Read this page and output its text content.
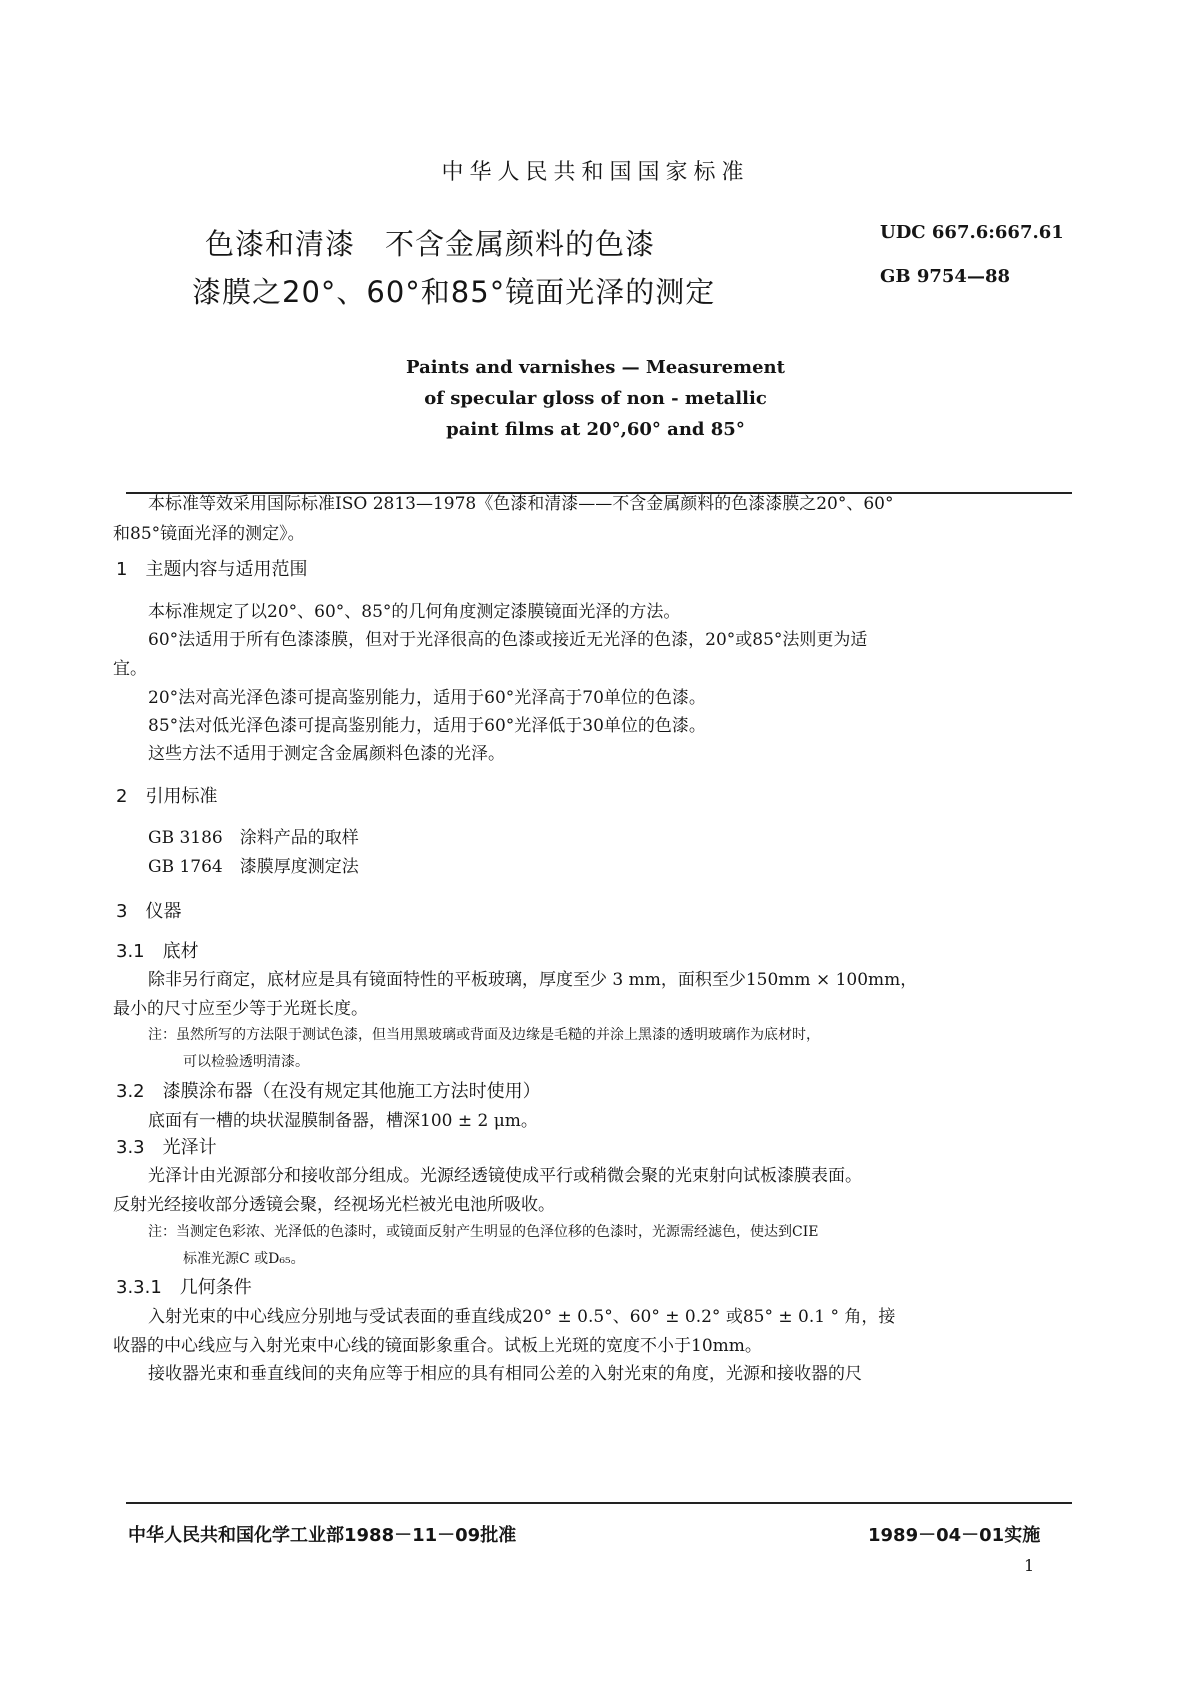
中华人民共和国国家标准
色漆和清漆　不含金属颜料的色漆
漆膜之20°、60°和85°镜面光泽的测定
UDC 667.6:667.61
GB 9754—88
Paints and varnishes — Measurement
of specular gloss of non - metallic
paint films at 20°,60° and 85°
本标准等效采用国际标准ISO 2813—1978《色漆和清漆——不含金属颜料的色漆漆膜之20°、60°
和85°镜面光泽的测定》。
1　主题内容与适用范围
本标准规定了以20°、60°、85°的几何角度测定漆膜镜面光泽的方法。
60°法适用于所有色漆漆膜，但对于光泽很高的色漆或接近无光泽的色漆，20°或85°法则更为适
宜。
20°法对高光泽色漆可提高鉴别能力，适用于60°光泽高于70单位的色漆。
85°法对低光泽色漆可提高鉴别能力，适用于60°光泽低于30单位的色漆。
这些方法不适用于测定含金属颜料色漆的光泽。
2　引用标准
GB 3186　涂料产品的取样
GB 1764　漆膜厚度测定法
3　仪器
3.1　底材
除非另行商定，底材应是具有镜面特性的平板玻璃，厚度至少 3 mm，面积至少150mm × 100mm，
最小的尺寸应至少等于光斑长度。
注：虽然所写的方法限于测试色漆，但当用黑玻璃或背面及边缘是毛糙的并涂上黑漆的透明玻璃作为底材时，
可以检验透明清漆。
3.2　漆膜涂布器（在没有规定其他施工方法时使用）
底面有一槽的块状湿膜制备器，槽深100 ± 2 μm。
3.3　光泽计
光泽计由光源部分和接收部分组成。光源经透镜使成平行或稍微会聚的光束射向试板漆膜表面。
反射光经接收部分透镜会聚，经视场光栏被光电池所吸收。
注：当测定色彩浓、光泽低的色漆时，或镜面反射产生明显的色泽位移的色漆时，光源需经滤色，使达到CIE
标准光源C 或D₆₅。
3.3.1　几何条件
入射光束的中心线应分别地与受试表面的垂直线成20° ± 0.5°、60° ± 0.2° 或85° ± 0.1 ° 角，接
收器的中心线应与入射光束中心线的镜面影象重合。试板上光斑的宽度不小于10mm。
接收器光束和垂直线间的夹角应等于相应的具有相同公差的入射光束的角度，光源和接收器的尺
中华人民共和国化学工业部1988－11－09批准	1989－04－01实施
1
